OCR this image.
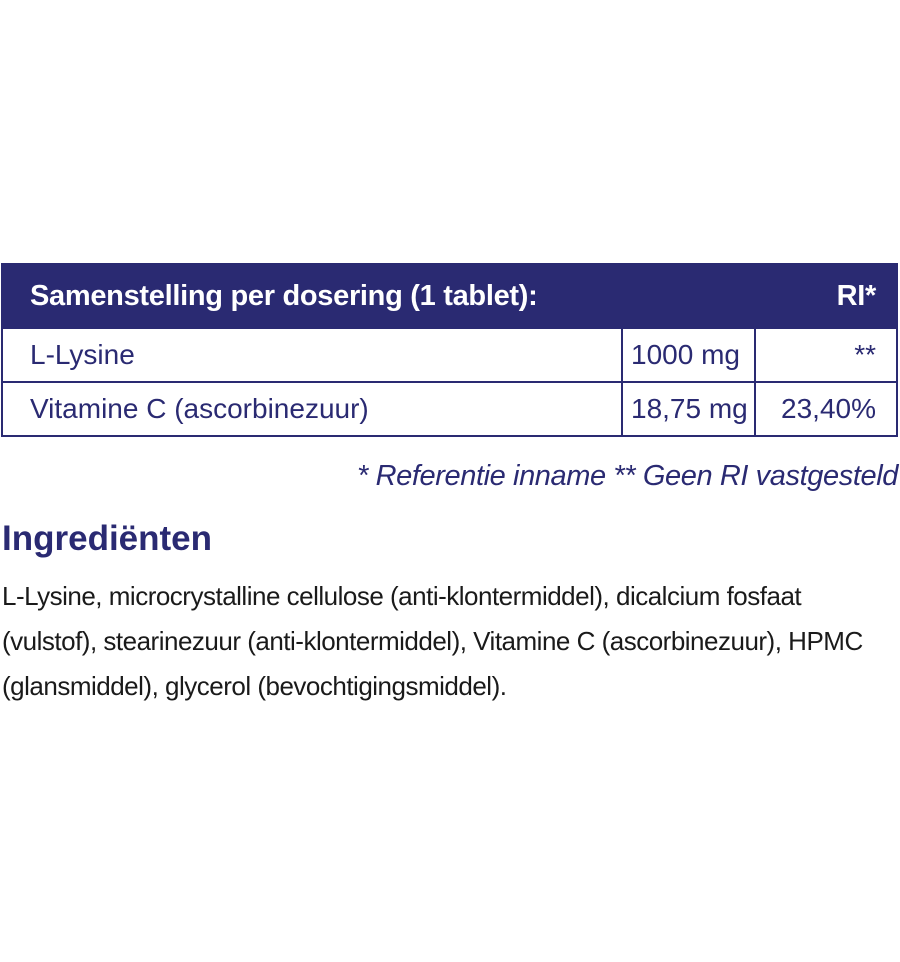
Samenstelling per dosering (1 tablet):	RI*
L-Lysine	1000 mg	**
Vitamine C (ascorbinezuur)	18,75 mg	23,40%
* Referentie inname ** Geen RI vastgesteld
Ingrediënten

L-Lysine, microcrystalline cellulose (anti-klontermiddel), dicalcium fosfaat (vulstof), stearinezuur (anti-klontermiddel), Vitamine C (ascorbinezuur), HPMC (glansmiddel), glycerol (bevochtigingsmiddel).
